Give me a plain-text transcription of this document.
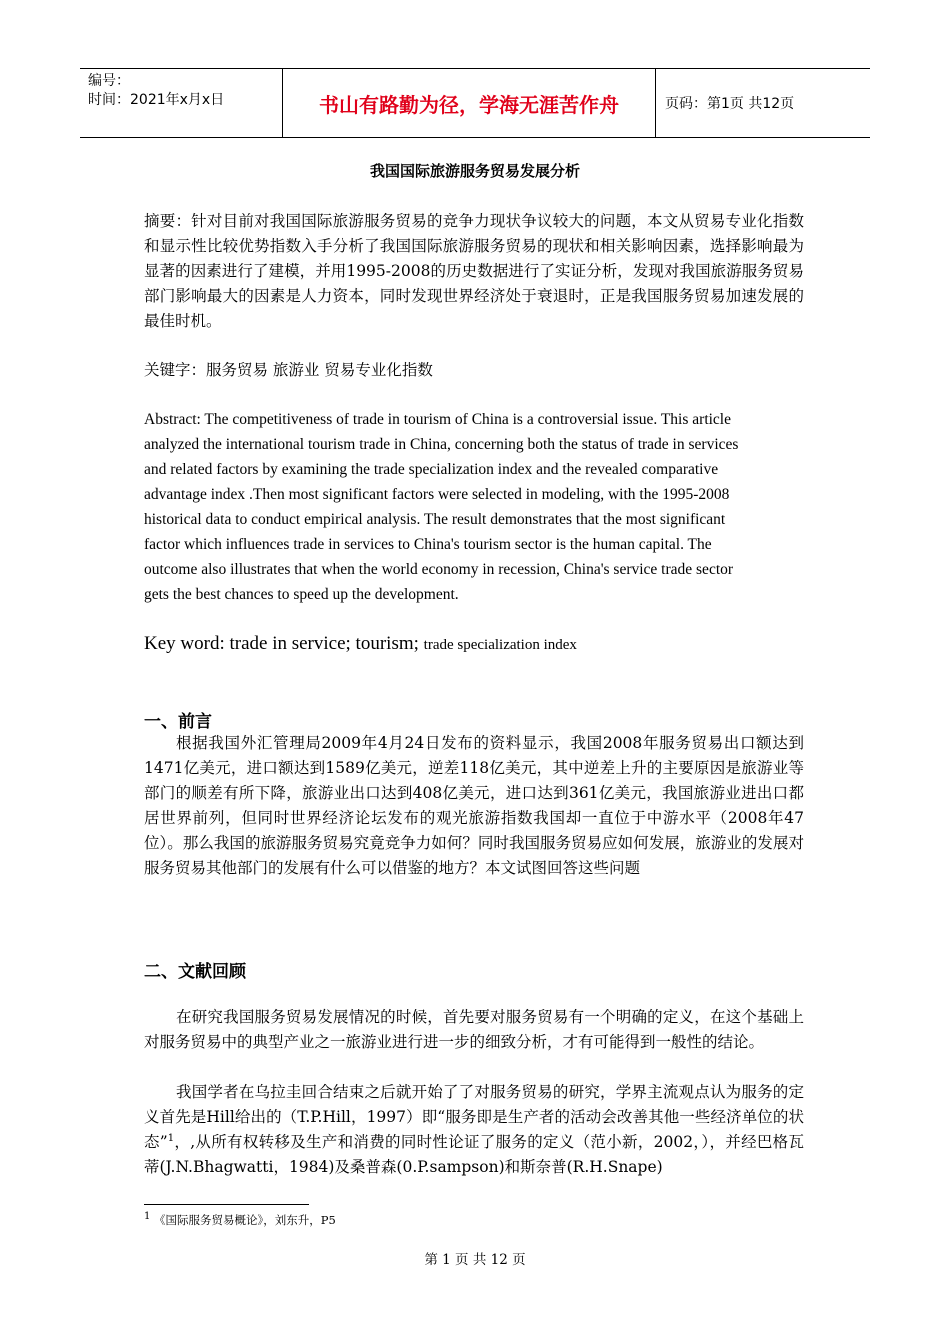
编号：
时间：2021年x月x日	书山有路勤为径，学海无涯苦作舟	页码：第1页 共12页
我国国际旅游服务贸易发展分析
摘要：针对目前对我国国际旅游服务贸易的竞争力现状争议较大的问题，本文从贸易专业化指数和显示性比较优势指数入手分析了我国国际旅游服务贸易的现状和相关影响因素，选择影响最为显著的因素进行了建模，并用1995-2008的历史数据进行了实证分析，发现对我国旅游服务贸易部门影响最大的因素是人力资本，同时发现世界经济处于衰退时，正是我国服务贸易加速发展的最佳时机。
关键字：服务贸易 旅游业 贸易专业化指数
Abstract: The competitiveness of trade in tourism of China is a controversial issue. This article
analyzed the international tourism trade in China, concerning both the status of trade in services
and related factors by examining the trade specialization index and the revealed comparative
advantage index .Then most significant factors were selected in modeling, with the 1995-2008
historical data to conduct empirical analysis. The result demonstrates that the most significant
factor which influences trade in services to China's tourism sector is the human capital. The
outcome also illustrates that when the world economy in recession, China's service trade sector
gets the best chances to speed up the development.
Key word: trade in service; tourism; trade specialization index
一、前言
根据我国外汇管理局2009年4月24日发布的资料显示，我国2008年服务贸易出口额达到1471亿美元，进口额达到1589亿美元，逆差118亿美元，其中逆差上升的主要原因是旅游业等部门的顺差有所下降，旅游业出口达到408亿美元，进口达到361亿美元，我国旅游业进出口都居世界前列，但同时世界经济论坛发布的观光旅游指数我国却一直位于中游水平（2008年47位）。那么我国的旅游服务贸易究竟竞争力如何？同时我国服务贸易应如何发展，旅游业的发展对服务贸易其他部门的发展有什么可以借鉴的地方？本文试图回答这些问题
二、文献回顾
在研究我国服务贸易发展情况的时候，首先要对服务贸易有一个明确的定义，在这个基础上对服务贸易中的典型产业之一旅游业进行进一步的细致分析，才有可能得到一般性的结论。
我国学者在乌拉圭回合结束之后就开始了了对服务贸易的研究，学界主流观点认为服务的定义首先是Hill给出的（T.P.Hill，1997）即“服务即是生产者的活动会改善其他一些经济单位的状态”$^1$，,从所有权转移及生产和消费的同时性论证了服务的定义（范小新，2002，），并经巴格瓦蒂(J.N.Bhagwatti，1984)及桑普森(0.P.sampson)和斯奈普(R.H.Snape)
$^1$ 《国际服务贸易概论》，刘东升，P5
第 1 页 共 12 页
